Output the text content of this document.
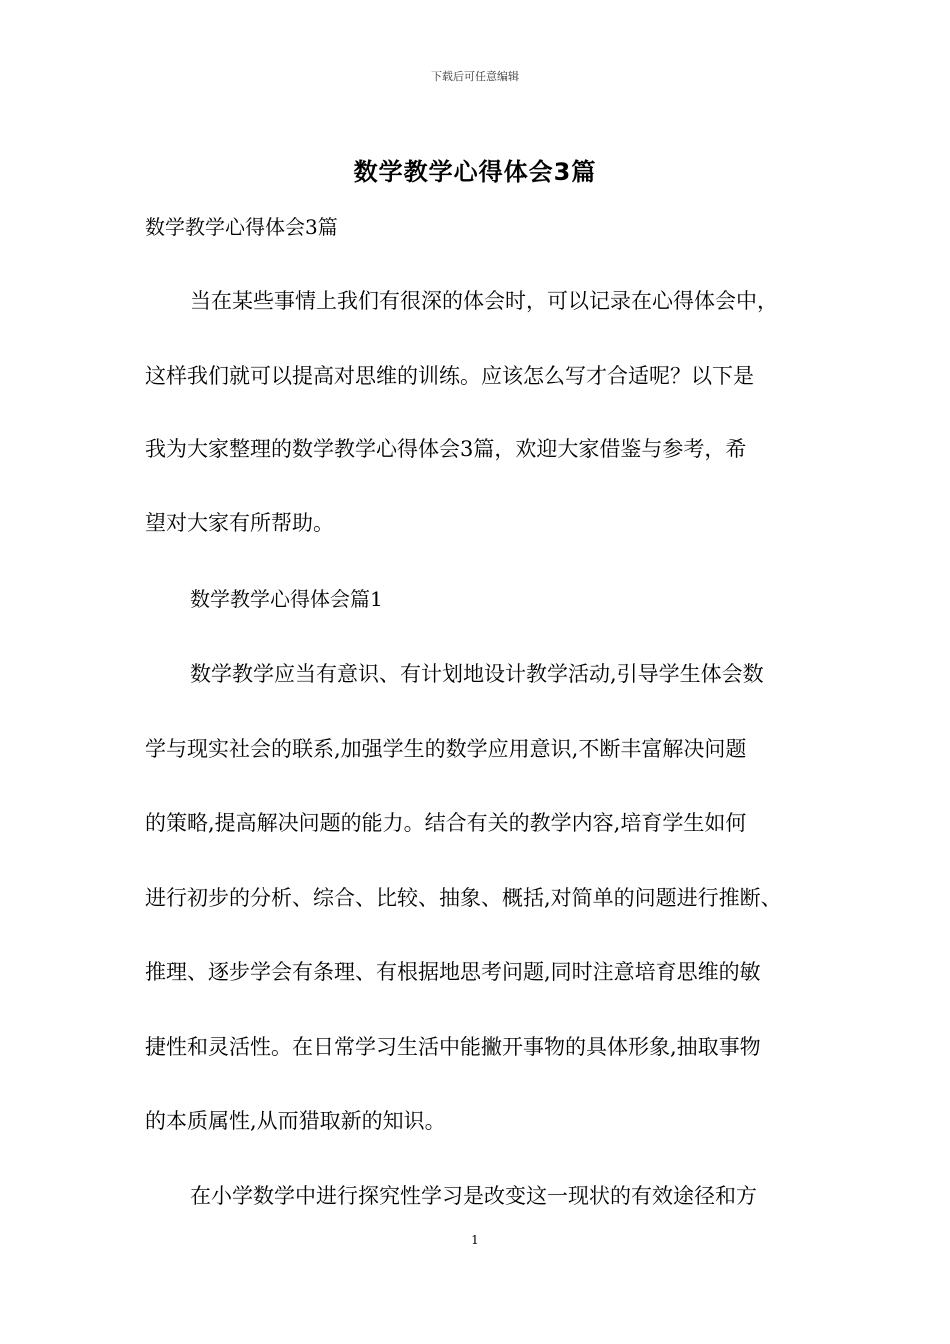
下载后可任意编辑
数学教学心得体会3篇
数学教学心得体会3篇
当在某些事情上我们有很深的体会时，可以记录在心得体会中，
这样我们就可以提高对思维的训练。应该怎么写才合适呢？以下是
我为大家整理的数学教学心得体会3篇，欢迎大家借鉴与参考，希
望对大家有所帮助。
数学教学心得体会篇1
数学教学应当有意识、有计划地设计教学活动,引导学生体会数
学与现实社会的联系,加强学生的数学应用意识,不断丰富解决问题
的策略,提高解决问题的能力。结合有关的教学内容,培育学生如何
进行初步的分析、综合、比较、抽象、概括,对简单的问题进行推断、
推理、逐步学会有条理、有根据地思考问题,同时注意培育思维的敏
捷性和灵活性。在日常学习生活中能撇开事物的具体形象,抽取事物
的本质属性,从而猎取新的知识。
在小学数学中进行探究性学习是改变这一现状的有效途径和方
1
